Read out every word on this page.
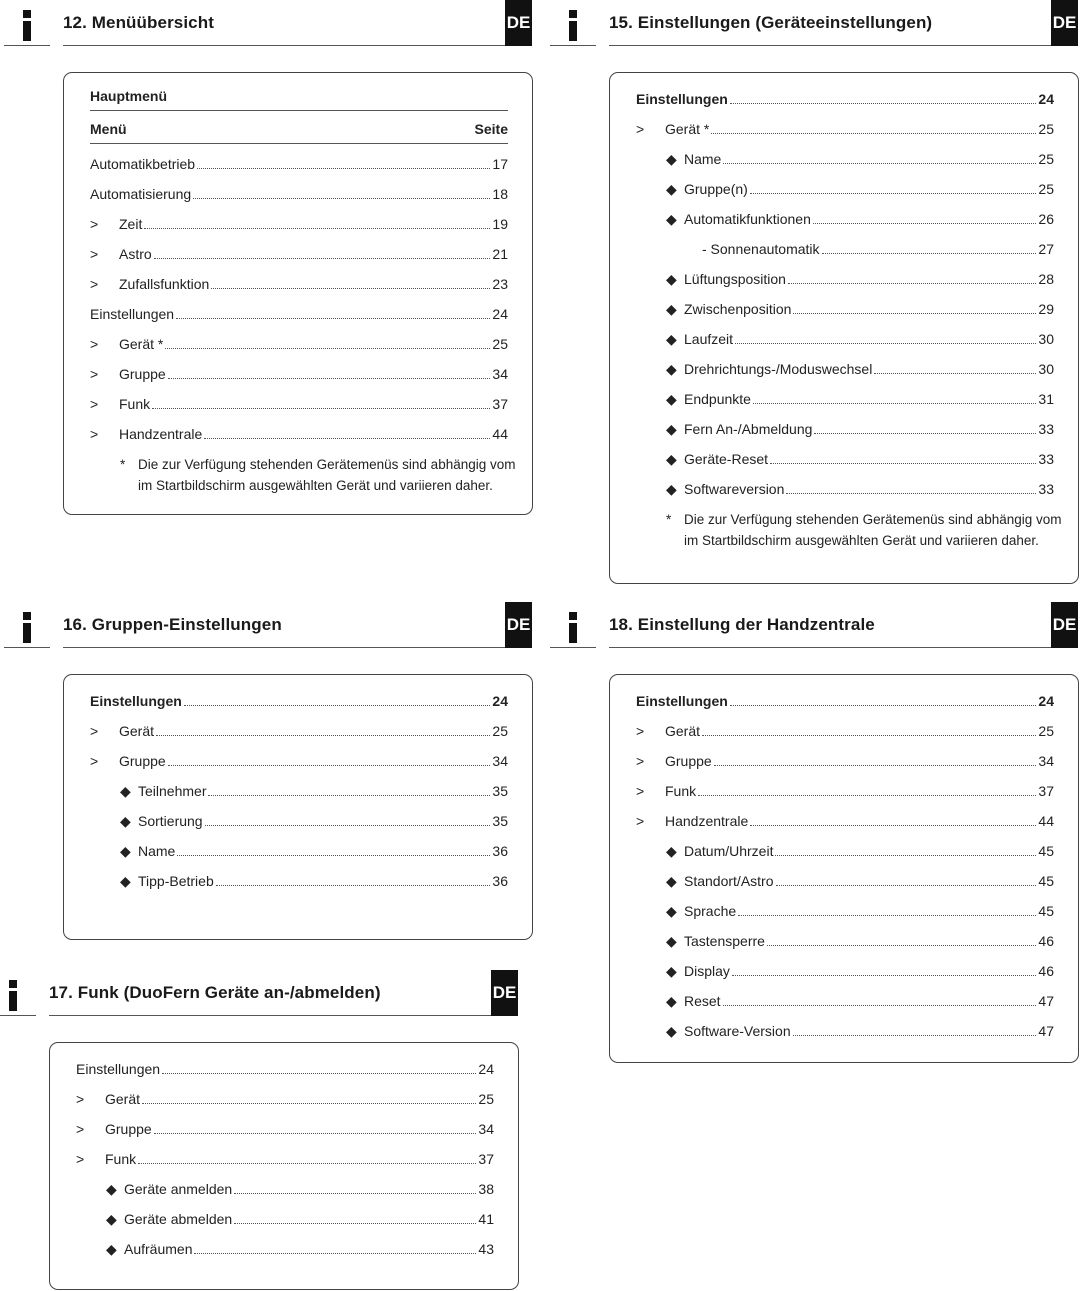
12. Menüübersicht	DE
Hauptmenü
Menü	Seite
* Die zur Verfügung stehenden Gerätemenüs sind abhängig vom im Startbildschirm ausgewählten Gerät und variieren daher.
Automatikbetrieb	17
Automatisierung	18
>	Zeit	19
>	Astro	21
>	Zufallsfunktion	23
Einstellungen	24
>	Gerät *	25
>	Gruppe	34
>	Funk	37
>	Handzentrale	44
15. Einstellungen (Geräteeinstellungen)	DE
* Die zur Verfügung stehenden Gerätemenüs sind abhängig vom im Startbildschirm ausgewählten Gerät und variieren daher.
Einstellungen	24
>	Gerät *	25
◆ Name	25
◆ Gruppe(n)	25
◆ Automatikfunktionen	26
- Sonnenautomatik	27
◆ Lüftungsposition	28
◆ Zwischenposition	29
◆ Laufzeit	30
◆ Drehrichtungs-/Moduswechsel	30
◆ Endpunkte	31
◆ Fern An-/Abmeldung	33
◆ Geräte-Reset	33
◆ Softwareversion	33
16. Gruppen-Einstellungen	DE
Einstellungen	24
>	Gerät	25
>	Gruppe	34
◆ Teilnehmer	35
◆ Sortierung	35
◆ Name	36
◆ Tipp-Betrieb	36
17. Funk (DuoFern Geräte an-/abmelden)	DE
Einstellungen	24
>	Gerät	25
>	Gruppe	34
>	Funk	37
◆ Geräte anmelden	38
◆ Geräte abmelden	41
◆ Aufräumen	43
18. Einstellung der Handzentrale	DE
Einstellungen	24
>	Gerät	25
>	Gruppe	34
>	Funk	37
>	Handzentrale	44
◆ Datum/Uhrzeit	45
◆ Standort/Astro	45
◆ Sprache	45
◆ Tastensperre	46
◆ Display	46
◆ Reset	47
◆ Software-Version	47
